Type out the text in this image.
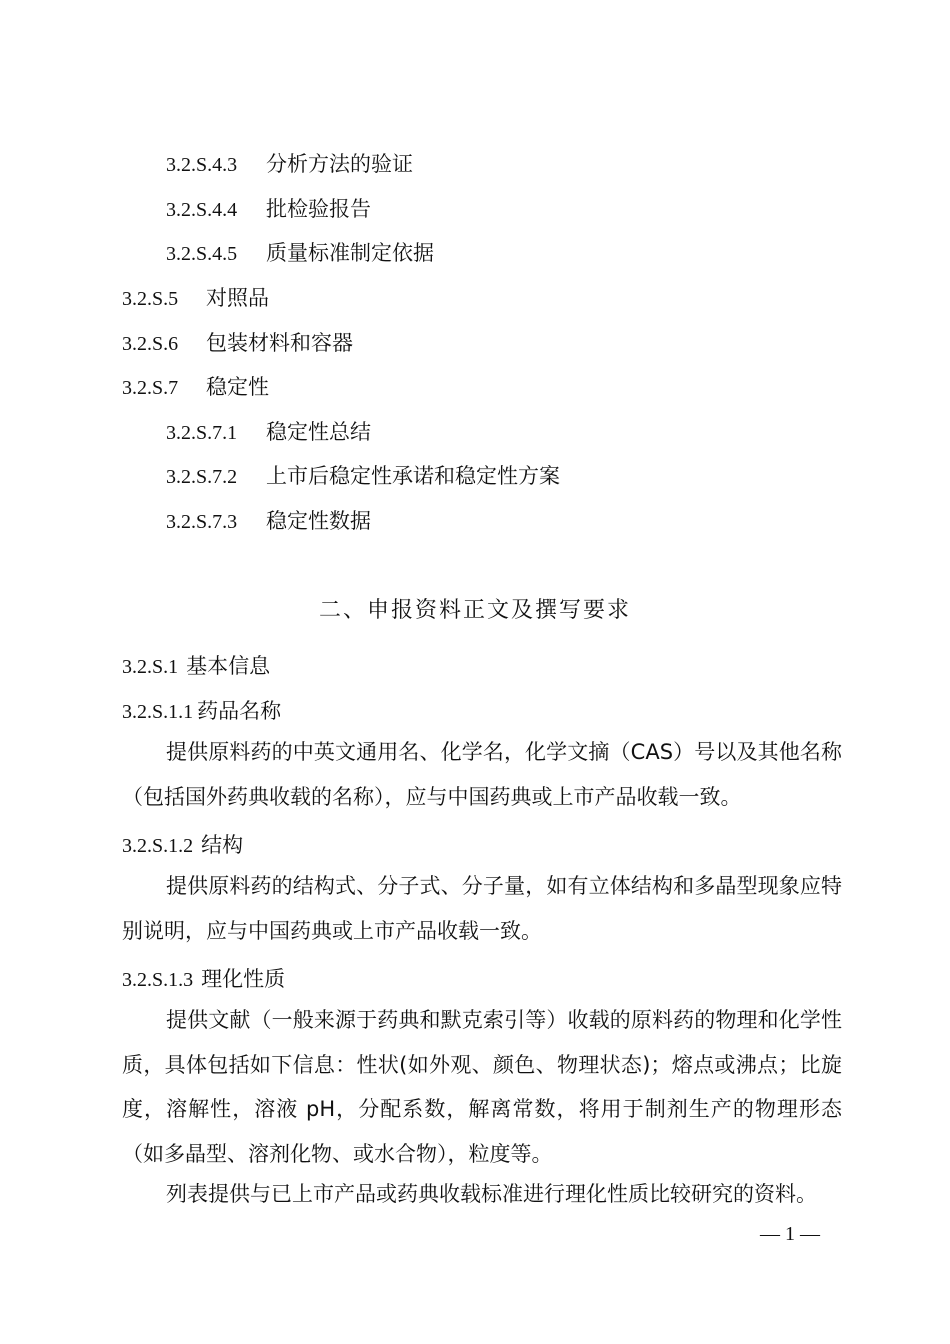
3.2.S.4.3 分析方法的验证
3.2.S.4.4 批检验报告
3.2.S.4.5 质量标准制定依据
3.2.S.5 对照品
3.2.S.6 包装材料和容器
3.2.S.7 稳定性
3.2.S.7.1 稳定性总结
3.2.S.7.2 上市后稳定性承诺和稳定性方案
3.2.S.7.3 稳定性数据
二、申报资料正文及撰写要求
3.2.S.1 基本信息
3.2.S.1.1 药品名称
提供原料药的中英文通用名、化学名，化学文摘（CAS）号以及其他名称（包括国外药典收载的名称），应与中国药典或上市产品收载一致。
3.2.S.1.2 结构
提供原料药的结构式、分子式、分子量，如有立体结构和多晶型现象应特别说明，应与中国药典或上市产品收载一致。
3.2.S.1.3 理化性质
提供文献（一般来源于药典和默克索引等）收载的原料药的物理和化学性质，具体包括如下信息：性状(如外观、颜色、物理状态)；熔点或沸点；比旋度，溶解性，溶液 pH，分配系数，解离常数，将用于制剂生产的物理形态（如多晶型、溶剂化物、或水合物），粒度等。
列表提供与已上市产品或药典收载标准进行理化性质比较研究的资料。
— 1 —
